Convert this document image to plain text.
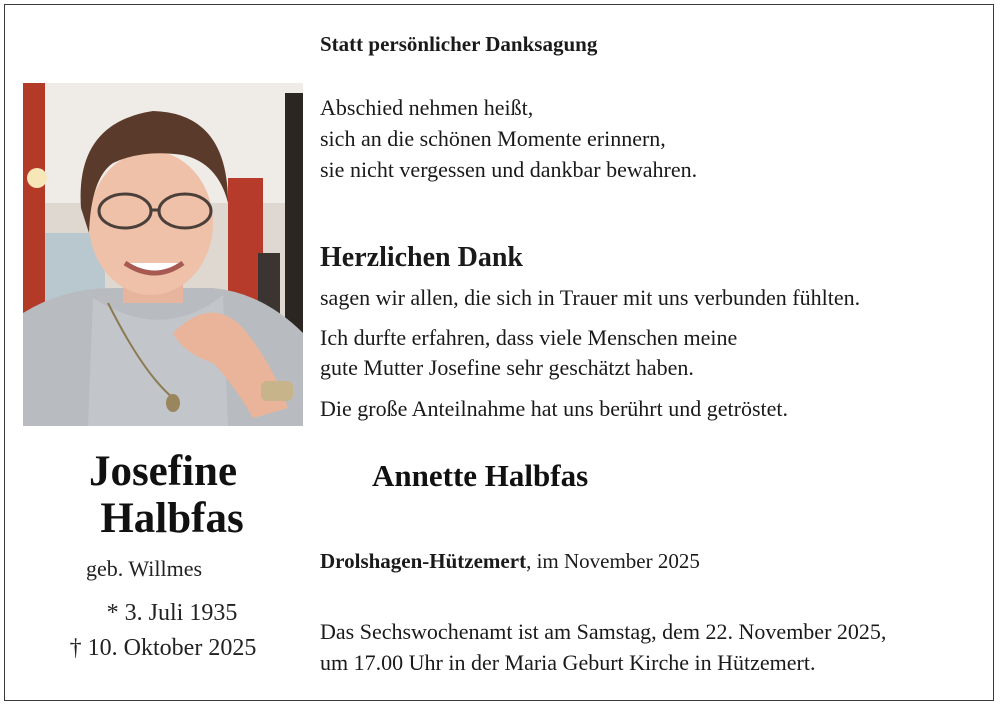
Josefine
Halbfas
geb. Willmes
* 3. Juli 1935
† 10. Oktober 2025
Statt persönlicher Danksagung
Abschied nehmen heißt,
sich an die schönen Momente erinnern,
sie nicht vergessen und dankbar bewahren.
Herzlichen Dank
sagen wir allen, die sich in Trauer mit uns verbunden fühlten.
Ich durfte erfahren, dass viele Menschen meine
gute Mutter Josefine sehr geschätzt haben.
Die große Anteilnahme hat uns berührt und getröstet.
Annette Halbfas
Drolshagen-Hützemert, im November 2025
Das Sechswochenamt ist am Samstag, dem 22. November 2025,
um 17.00 Uhr in der Maria Geburt Kirche in Hützemert.
